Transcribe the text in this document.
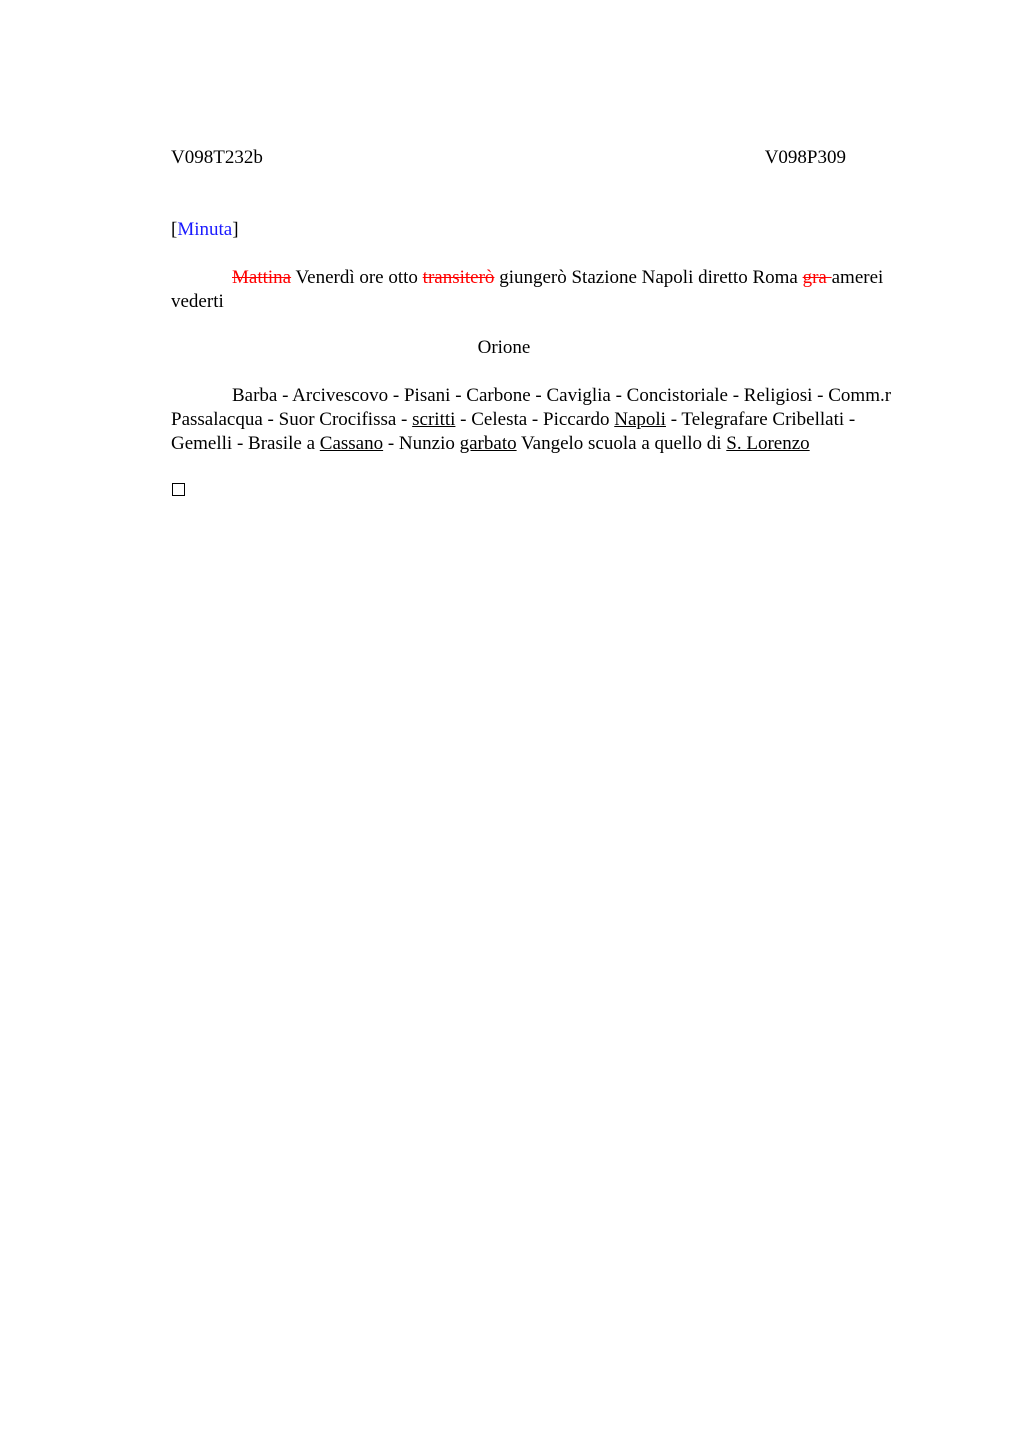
V098T232b	V098P309
[Minuta]
Mattina Venerdì ore otto transiterò giungerò Stazione Napoli diretto Roma gra amerei vederti
Orione
Barba - Arcivescovo - Pisani - Carbone - Caviglia - Concistoriale - Religiosi - Comm.r Passalacqua - Suor Crocifissa - scritti - Celesta - Piccardo Napoli - Telegrafare Cribellati - Gemelli - Brasile a Cassano - Nunzio garbato Vangelo scuola a quello di S. Lorenzo
